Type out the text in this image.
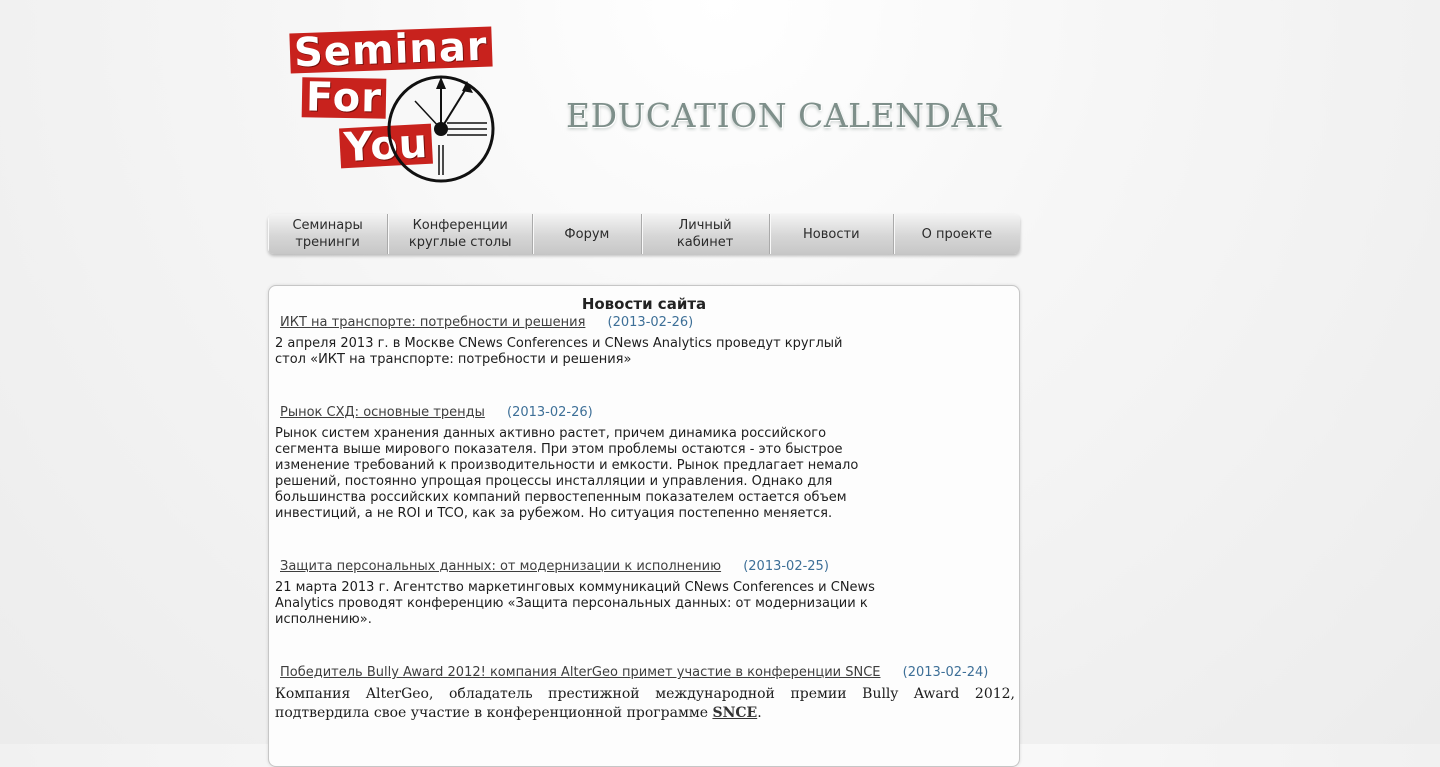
Seminar
For
You
EDUCATION CALENDAR
Семинары
тренинги
Конференции
круглые столы
Форум
Личный
кабинет
Новости	О проекте
Новости сайта
ИКТ на транспорте: потребности и решения (2013-02-26)
2 апреля 2013 г. в Москве CNews Conferences и CNews Analytics проведут круглый стол «ИКТ на транспорте: потребности и решения»
Рынок СХД: основные тренды (2013-02-26)
Рынок систем хранения данных активно растет, причем динамика российского сегмента выше мирового показателя. При этом проблемы остаются - это быстрое изменение требований к производительности и емкости. Рынок предлагает немало решений, постоянно упрощая процессы инсталляции и управления. Однако для большинства российских компаний первостепенным показателем остается объем инвестиций, а не ROI и TCO, как за рубежом. Но ситуация постепенно меняется.
Защита персональных данных: от модернизации к исполнению (2013-02-25)
21 марта 2013 г. Агентство маркетинговых коммуникаций CNews Conferences и CNews Analytics проводят конференцию «Защита персональных данных: от модернизации к исполнению».
Победитель Bully Award 2012! компания AlterGeo примет участие в конференции SNCE (2013-02-24)
Компания AlterGeo, обладатель престижной международной премии Bully Award 2012, подтвердила свое участие в конференционной программе SNCE.
